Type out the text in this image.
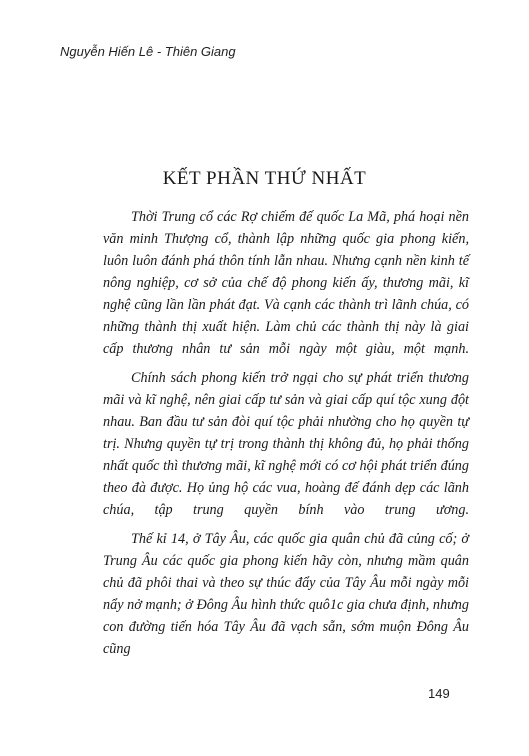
Nguyễn Hiến Lê - Thiên Giang
KẾT PHẦN THỨ NHẤT

Thời Trung cổ các Rợ chiếm đế quốc La Mã, phá hoại nền văn minh Thượng cổ, thành lập những quốc gia phong kiến, luôn luôn đánh phá thôn tính lẫn nhau. Nhưng cạnh nền kinh tế nông nghiệp, cơ sở của chế độ phong kiến ấy, thương mãi, kĩ nghệ cũng lần lần phát đạt. Và cạnh các thành trì lãnh chúa, có những thành thị xuất hiện. Làm chủ các thành thị này là giai cấp thương nhân tư sản mỗi ngày một giàu, một mạnh.

Chính sách phong kiến trở ngại cho sự phát triển thương mãi và kĩ nghệ, nên giai cấp tư sản và giai cấp quí tộc xung đột nhau. Ban đầu tư sản đòi quí tộc phải nhường cho họ quyền tự trị. Nhưng quyền tự trị trong thành thị không đủ, họ phải thống nhất quốc thì thương mãi, kĩ nghệ mới có cơ hội phát triển đúng theo đà được. Họ ủng hộ các vua, hoàng đế đánh dẹp các lãnh chúa, tập trung quyền bính vào trung ương.

Thế kỉ 14, ở Tây Âu, các quốc gia quân chủ đã củng cố; ở Trung Âu các quốc gia phong kiến hãy còn, nhưng mầm quân chủ đã phôi thai và theo sự thúc đẩy của Tây Âu mỗi ngày mỗi nẩy nở mạnh; ở Đông Âu hình thức quô1c gia chưa định, nhưng con đường tiến hóa Tây Âu đã vạch sẵn, sớm muộn Đông Âu cũng

149
